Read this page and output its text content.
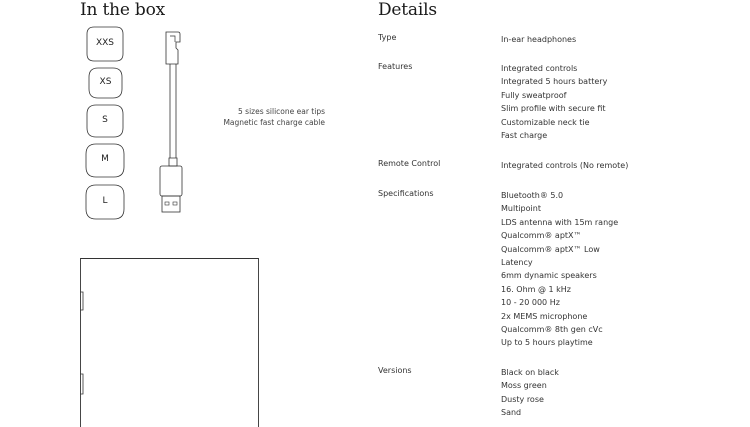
In the box	Details
XXS
XS
S
M
L
5 sizes silicone ear tips
Magnetic fast charge cable
Type	In-ear headphones
Features	Integrated controls
Integrated 5 hours battery
Fully sweatproof
Slim profile with secure fit
Customizable neck tie
Fast charge
Remote Control	Integrated controls (No remote)
Specifications	Bluetooth® 5.0
Multipoint
LDS antenna with 15m range
Qualcomm® aptX™
Qualcomm® aptX™ Low
Latency
6mm dynamic speakers
16. Ohm @ 1 kHz
10 - 20 000 Hz
2x MEMS microphone
Qualcomm® 8th gen cVc
Up to 5 hours playtime
Versions	Black on black
Moss green
Dusty rose
Sand
